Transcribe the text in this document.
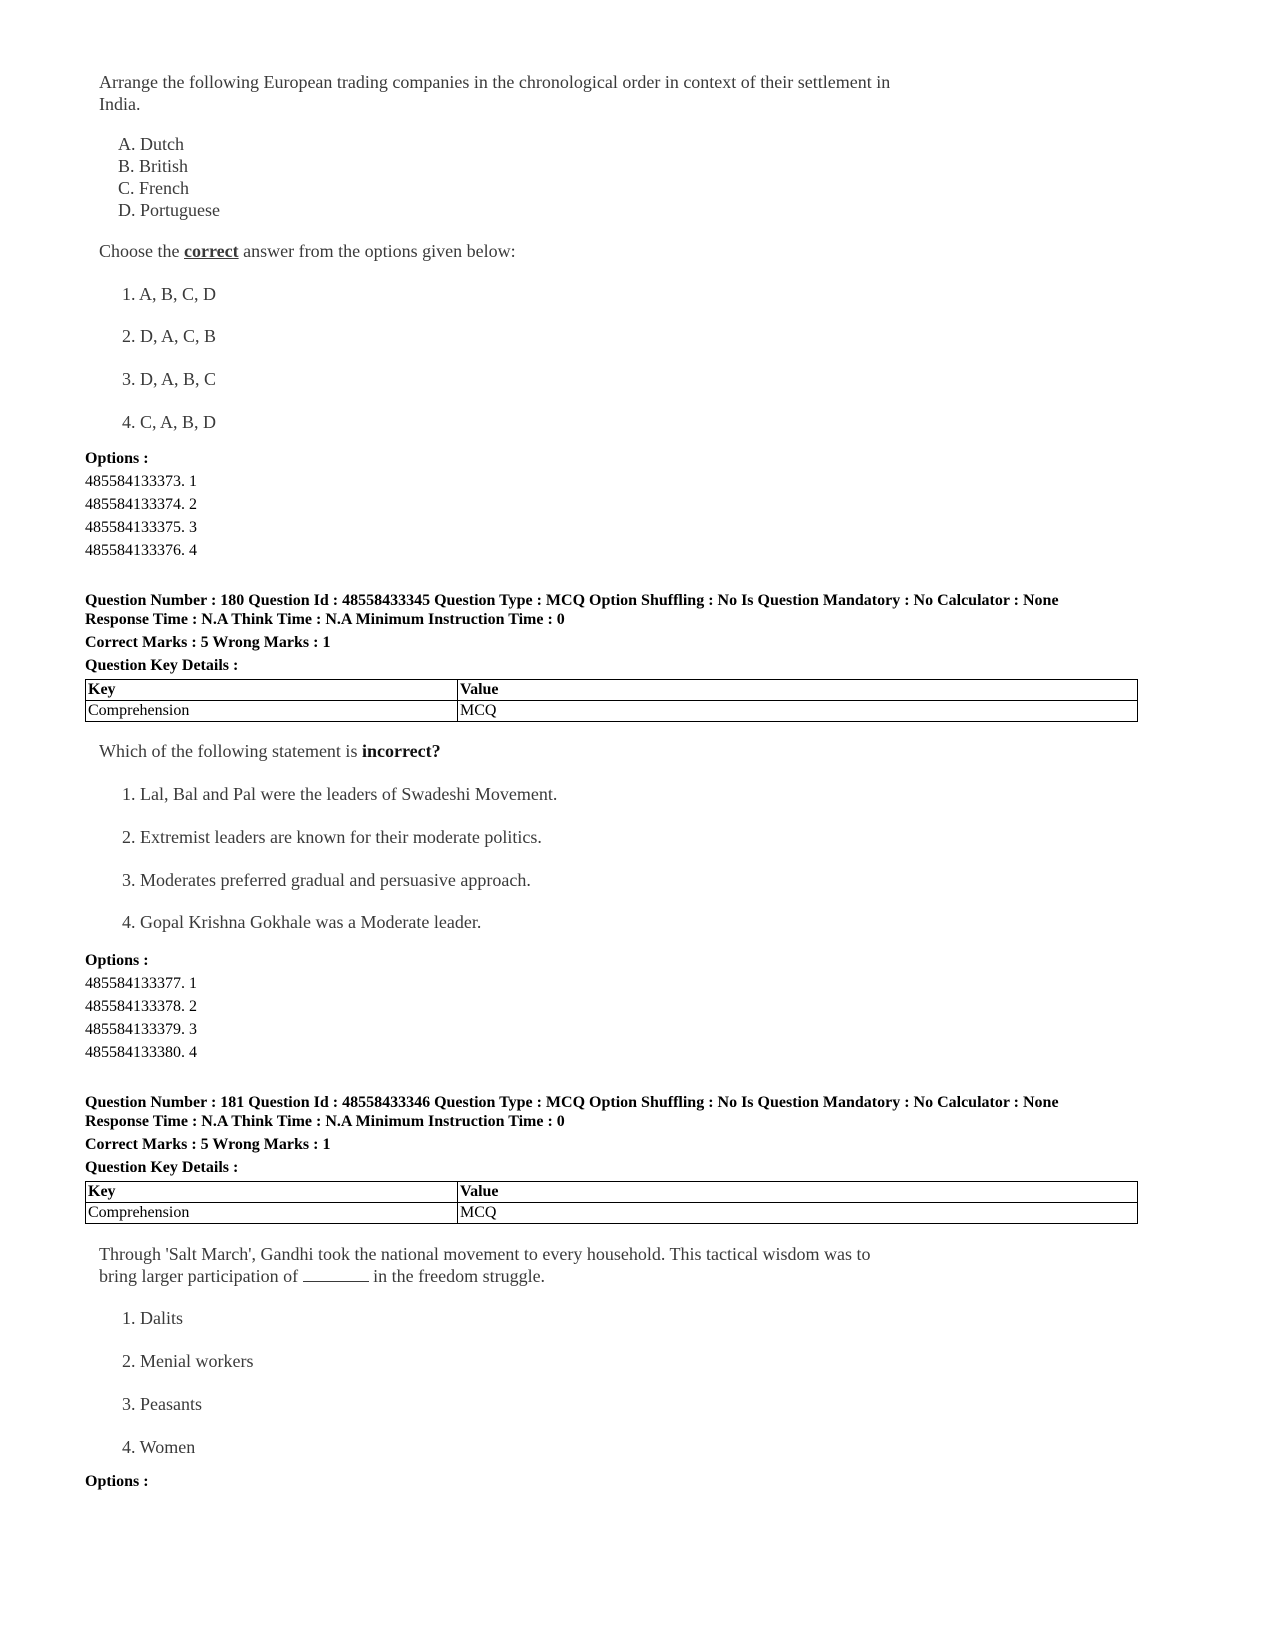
Arrange the following European trading companies in the chronological order in context of their settlement in
India.
A. Dutch
B. British
C. French
D. Portuguese
Choose the correct answer from the options given below:
1. A, B, C, D
2. D, A, C, B
3. D, A, B, C
4. C, A, B, D
Options :
485584133373. 1
485584133374. 2
485584133375. 3
485584133376. 4
Question Number : 180 Question Id : 48558433345 Question Type : MCQ Option Shuffling : No Is Question Mandatory : No Calculator : None
Response Time : N.A Think Time : N.A Minimum Instruction Time : 0
Correct Marks : 5 Wrong Marks : 1
Question Key Details :
Key	Value
Comprehension	MCQ
Which of the following statement is incorrect?
1. Lal, Bal and Pal were the leaders of Swadeshi Movement.
2. Extremist leaders are known for their moderate politics.
3. Moderates preferred gradual and persuasive approach.
4. Gopal Krishna Gokhale was a Moderate leader.
Options :
485584133377. 1
485584133378. 2
485584133379. 3
485584133380. 4
Question Number : 181 Question Id : 48558433346 Question Type : MCQ Option Shuffling : No Is Question Mandatory : No Calculator : None
Response Time : N.A Think Time : N.A Minimum Instruction Time : 0
Correct Marks : 5 Wrong Marks : 1
Question Key Details :
Key	Value
Comprehension	MCQ
Through 'Salt March', Gandhi took the national movement to every household. This tactical wisdom was to
bring larger participation of	in the freedom struggle.
1. Dalits
2. Menial workers
3. Peasants
4. Women
Options :
